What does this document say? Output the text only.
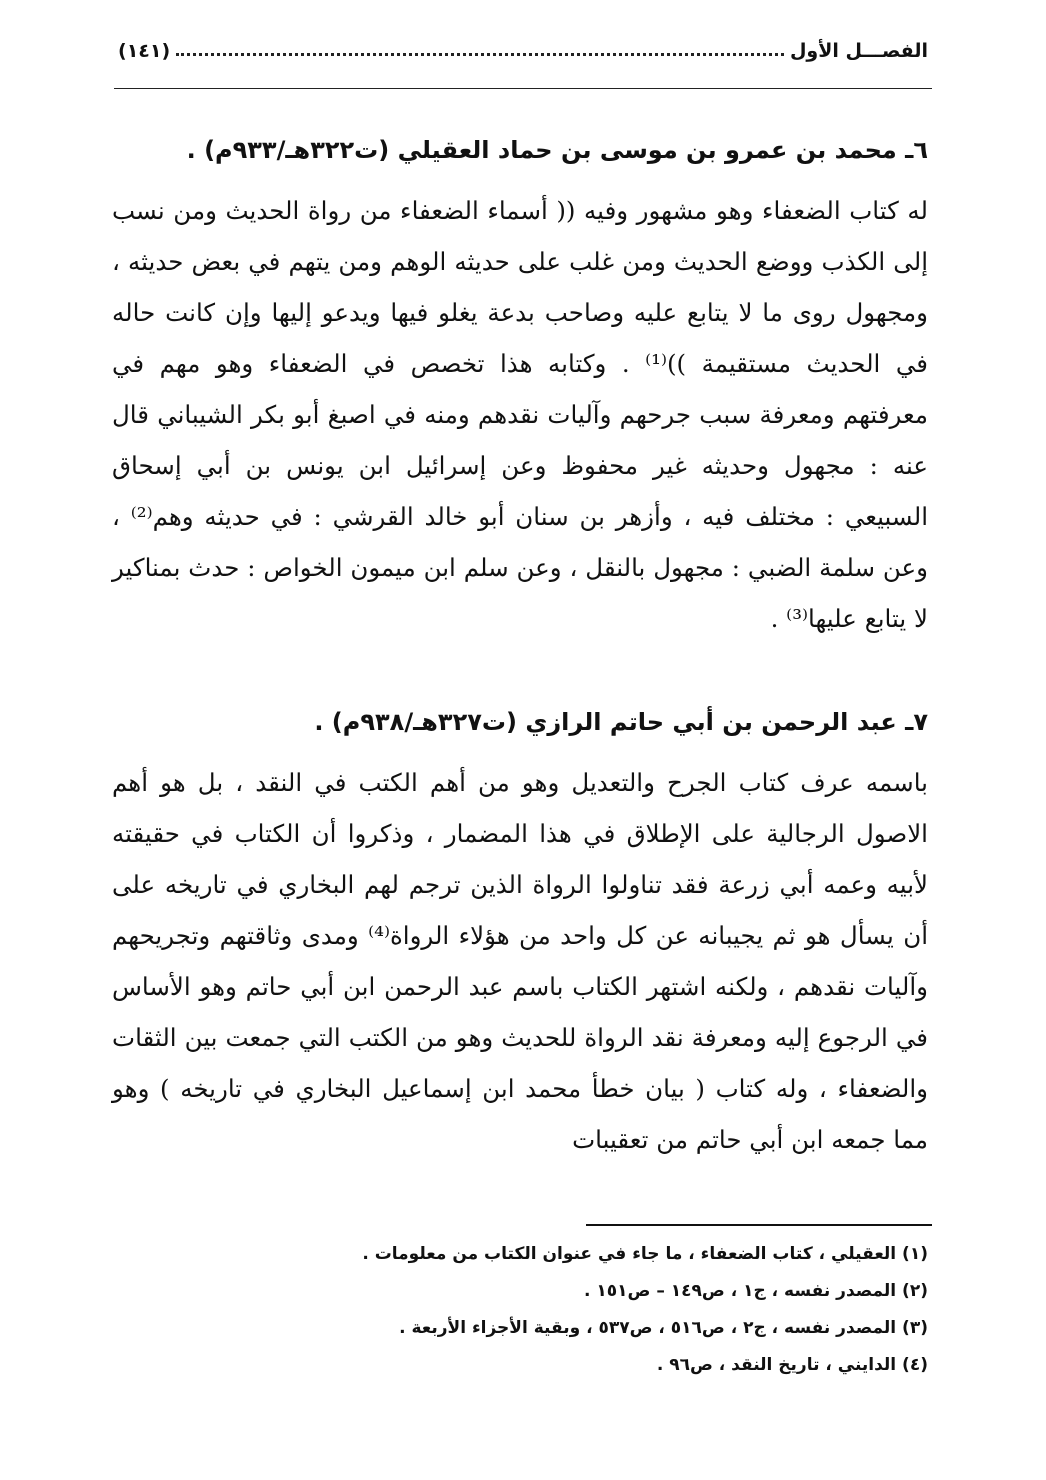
الفصـــل الأول
(١٤١)
٦ـ محمد بن عمرو بن موسى بن حماد العقيلي (ت٣٢٢هـ/٩٣٣م) .

له كتاب الضعفاء وهو مشهور وفيه (( أسماء الضعفاء من رواة الحديث ومن نسب إلى الكذب ووضع الحديث ومن غلب على حديثه الوهم ومن يتهم في بعض حديثه ، ومجهول روى ما لا يتابع عليه وصاحب بدعة يغلو فيها ويدعو إليها وإن كانت حاله في الحديث مستقيمة ))⁽¹⁾ . وكتابه هذا تخصص في الضعفاء وهو مهم في معرفتهم ومعرفة سبب جرحهم وآليات نقدهم ومنه في اصبغ أبو بكر الشيباني قال عنه : مجهول وحديثه غير محفوظ وعن إسرائيل ابن يونس بن أبي إسحاق السبيعي : مختلف فيه ، وأزهر بن سنان أبو خالد القرشي : في حديثه وهم⁽²⁾ ، وعن سلمة الضبي : مجهول بالنقل ، وعن سلم ابن ميمون الخواص : حدث بمناكير لا يتابع عليها⁽³⁾ .

٧ـ عبد الرحمن بن أبي حاتم الرازي (ت٣٢٧هـ/٩٣٨م) .

باسمه عرف كتاب الجرح والتعديل وهو من أهم الكتب في النقد ، بل هو أهم الاصول الرجالية على الإطلاق في هذا المضمار ، وذكروا أن الكتاب في حقيقته لأبيه وعمه أبي زرعة فقد تناولوا الرواة الذين ترجم لهم البخاري في تاريخه على أن يسأل هو ثم يجيبانه عن كل واحد من هؤلاء الرواة⁽⁴⁾ ومدى وثاقتهم وتجريحهم وآليات نقدهم ، ولكنه اشتهر الكتاب باسم عبد الرحمن ابن أبي حاتم وهو الأساس في الرجوع إليه ومعرفة نقد الرواة للحديث وهو من الكتب التي جمعت بين الثقات والضعفاء ، وله كتاب ( بيان خطأ محمد ابن إسماعيل البخاري في تاريخه ) وهو مما جمعه ابن أبي حاتم من تعقيبات

(١) العقيلي ، كتاب الضعفاء ، ما جاء في عنوان الكتاب من معلومات .
(٢) المصدر نفسه ، ج١ ، ص١٤٩ – ص١٥١ .
(٣) المصدر نفسه ، ج٢ ، ص٥١٦ ، ص٥٣٧ ، وبقية الأجزاء الأربعة .
(٤) الدايني ، تاريخ النقد ، ص٩٦ .
